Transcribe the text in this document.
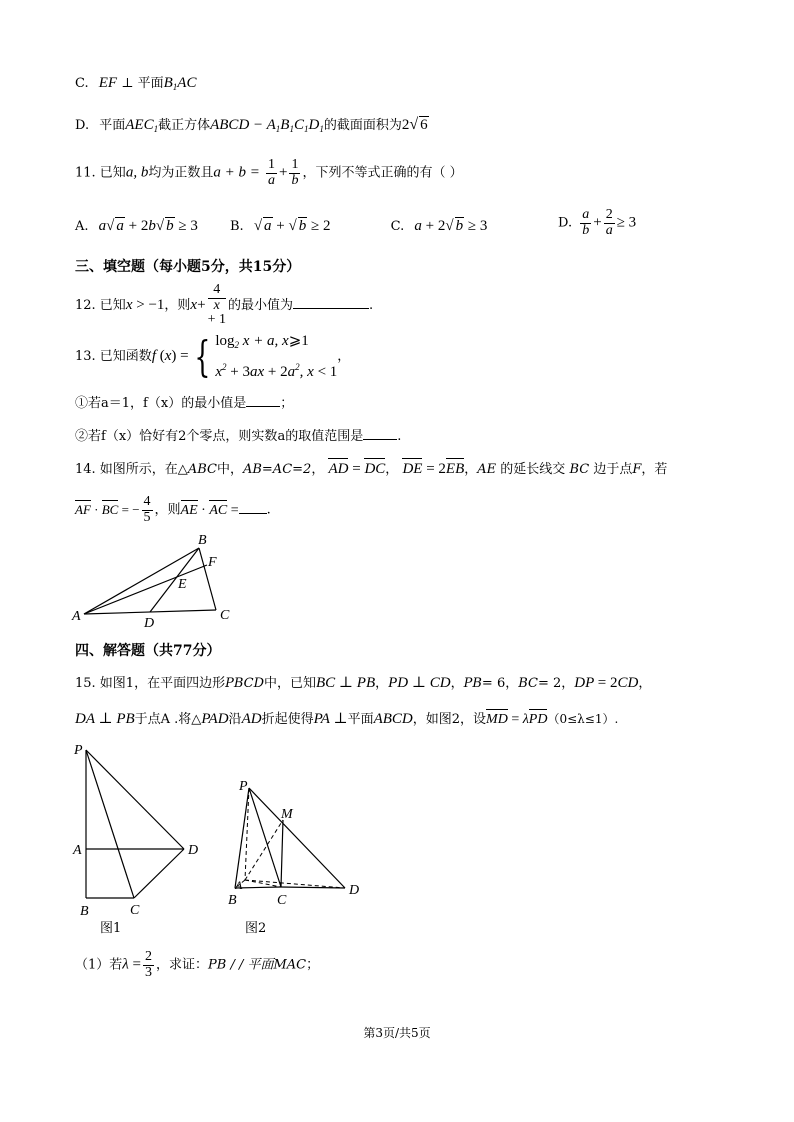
C. EF ⊥ 平面$B_1AC$
D. 平面$AEC_1$截正方体ABCD − $A_1B_1C_1D_1$的截面面积为2√ 6
11. 已知a, b均为正数且$a + b = \frac{1}{a} + \frac{1}{b}$ ，下列不等式正确的有（ ）
A. a√ a + 2b√ b ≥ 3 B. √ a + √ b ≥ 2	C. a + 2√ b ≥ 3	D. $\frac{a}{b} + \frac{2}{a} \ge 3$
三、填空题（每小题5分，共15分）
12. 已知x > −1，则x+ 4
x
+ 1 的最小值为	.
13. 已知函数f (x) = { $\log_2 x + a$, x⩾1
$x^2 + 3ax + 2a^2$, x < 1，
①若a＝1，f（x）的最小值是	；
②若f（x）恰好有2个零点，则实数a的取值范围是	.
14. 如图所示，在△ABC中，AB=AC=2， AD = DC， DE = 2EB，AE 的延长线交 BC 边于点F，若
AF · BC = − $\frac{4}{5}$ ，则AE · AC = .
A
B
C
D
E
F
四、解答题（共77分）
15. 如图1，在平面四边形PBCD中，已知BC ⊥ PB，PD ⊥ CD，PB= 6，BC= 2，DP = 2CD，
DA ⊥ PB于点A .将△PAD沿AD折起使得PA ⊥平面ABCD，如图2，设MD = λPD（0≤λ≤1）.
P
A
B	C
D
图1
P
M
A
B	C
D
图2
（1）若$\lambda = \frac{2}{3}$ ，求证：PB / / 平面MAC；
第3页/共5页
